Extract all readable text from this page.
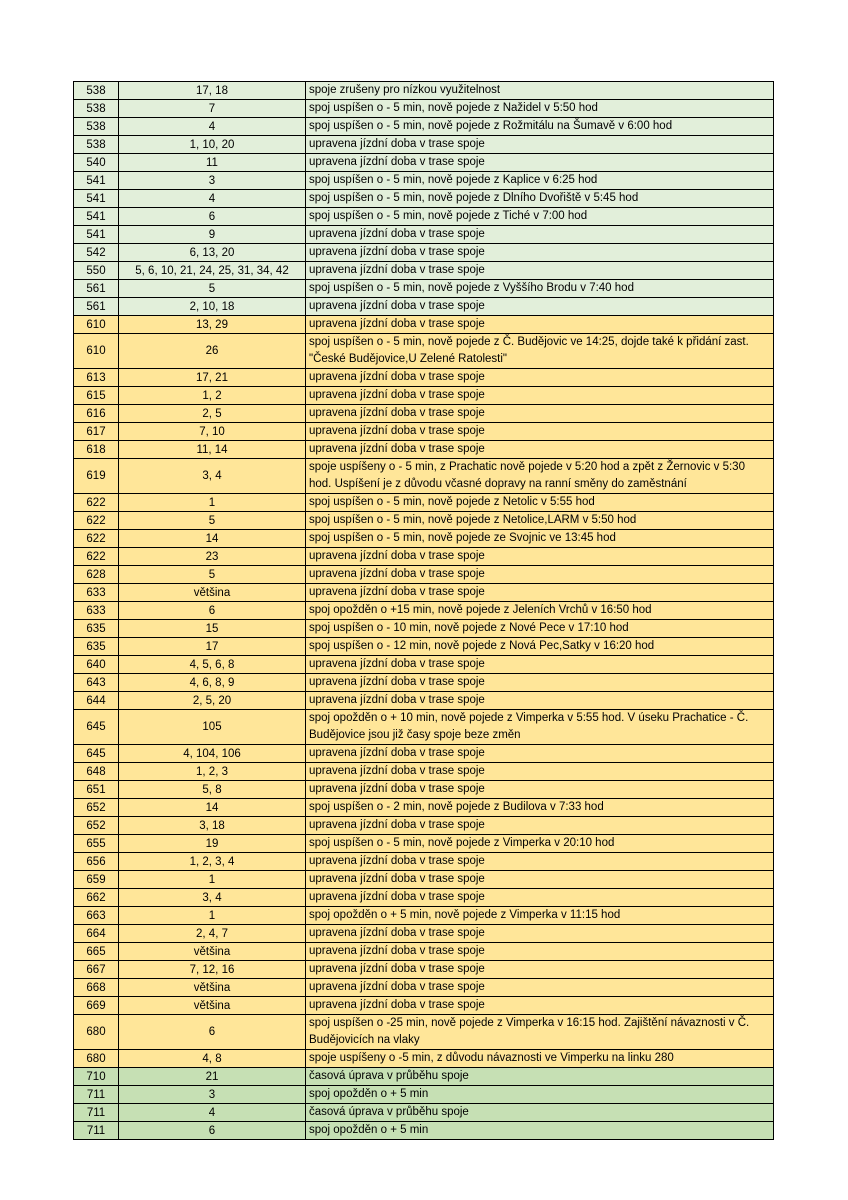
538	17, 18	spoje zrušeny pro nízkou využitelnost
538	7	spoj uspíšen o - 5 min, nově pojede z Nažidel v 5:50 hod
538	4	spoj uspíšen o - 5 min, nově pojede z Rožmitálu na Šumavě v 6:00 hod
538	1, 10, 20	upravena jízdní doba v trase spoje
540	11	upravena jízdní doba v trase spoje
541	3	spoj uspíšen o - 5 min, nově pojede z Kaplice v 6:25 hod
541	4	spoj uspíšen o - 5 min, nově pojede z Dlního Dvořiště v 5:45 hod
541	6	spoj uspíšen o - 5 min, nově pojede z Tiché v 7:00 hod
541	9	upravena jízdní doba v trase spoje
542	6, 13, 20	upravena jízdní doba v trase spoje
550	5, 6, 10, 21, 24, 25, 31, 34, 42	upravena jízdní doba v trase spoje
561	5	spoj uspíšen o - 5 min, nově pojede z Vyššího Brodu v 7:40 hod
561	2, 10, 18	upravena jízdní doba v trase spoje
610	13, 29	upravena jízdní doba v trase spoje
610	26	spoj uspíšen o - 5 min, nově pojede z Č. Budějovic ve 14:25, dojde také k přidání zast. "České Budějovice,U Zelené Ratolesti"
613	17, 21	upravena jízdní doba v trase spoje
615	1, 2	upravena jízdní doba v trase spoje
616	2, 5	upravena jízdní doba v trase spoje
617	7, 10	upravena jízdní doba v trase spoje
618	11, 14	upravena jízdní doba v trase spoje
619	3, 4	spoje uspíšeny o - 5 min, z Prachatic nově pojede v 5:20 hod a zpět z Žernovic v 5:30 hod. Uspíšení je z důvodu včasné dopravy na ranní směny do zaměstnání
622	1	spoj uspíšen o - 5 min, nově pojede z Netolic v 5:55 hod
622	5	spoj uspíšen o - 5 min, nově pojede z Netolice,LARM v 5:50 hod
622	14	spoj uspíšen o - 5 min, nově pojede ze Svojnic ve 13:45 hod
622	23	upravena jízdní doba v trase spoje
628	5	upravena jízdní doba v trase spoje
633	většina	upravena jízdní doba v trase spoje
633	6	spoj opožděn o +15 min, nově pojede z Jeleních Vrchů v 16:50 hod
635	15	spoj uspíšen o - 10 min, nově pojede z Nové Pece v 17:10 hod
635	17	spoj uspíšen o - 12 min, nově pojede z Nová Pec,Satky v 16:20 hod
640	4, 5, 6, 8	upravena jízdní doba v trase spoje
643	4, 6, 8, 9	upravena jízdní doba v trase spoje
644	2, 5, 20	upravena jízdní doba v trase spoje
645	105	spoj opožděn o + 10 min, nově pojede z Vimperka v 5:55 hod. V úseku Prachatice - Č. Budějovice jsou již časy spoje beze změn
645	4, 104, 106	upravena jízdní doba v trase spoje
648	1, 2, 3	upravena jízdní doba v trase spoje
651	5, 8	upravena jízdní doba v trase spoje
652	14	spoj uspíšen o - 2 min, nově pojede z Budilova v 7:33 hod
652	3, 18	upravena jízdní doba v trase spoje
655	19	spoj uspíšen o - 5 min, nově pojede z Vimperka v 20:10 hod
656	1, 2, 3, 4	upravena jízdní doba v trase spoje
659	1	upravena jízdní doba v trase spoje
662	3, 4	upravena jízdní doba v trase spoje
663	1	spoj opožděn o + 5 min, nově pojede z Vimperka v 11:15 hod
664	2, 4, 7	upravena jízdní doba v trase spoje
665	většina	upravena jízdní doba v trase spoje
667	7, 12, 16	upravena jízdní doba v trase spoje
668	většina	upravena jízdní doba v trase spoje
669	většina	upravena jízdní doba v trase spoje
680	6	spoj uspíšen o -25 min, nově pojede z Vimperka v 16:15 hod. Zajištění návaznosti v Č. Budějovicích na vlaky
680	4, 8	spoje uspíšeny o -5 min, z důvodu návaznosti ve Vimperku na linku 280
710	21	časová úprava v průběhu spoje
711	3	spoj opožděn o + 5 min
711	4	časová úprava v průběhu spoje
711	6	spoj opožděn o + 5 min
